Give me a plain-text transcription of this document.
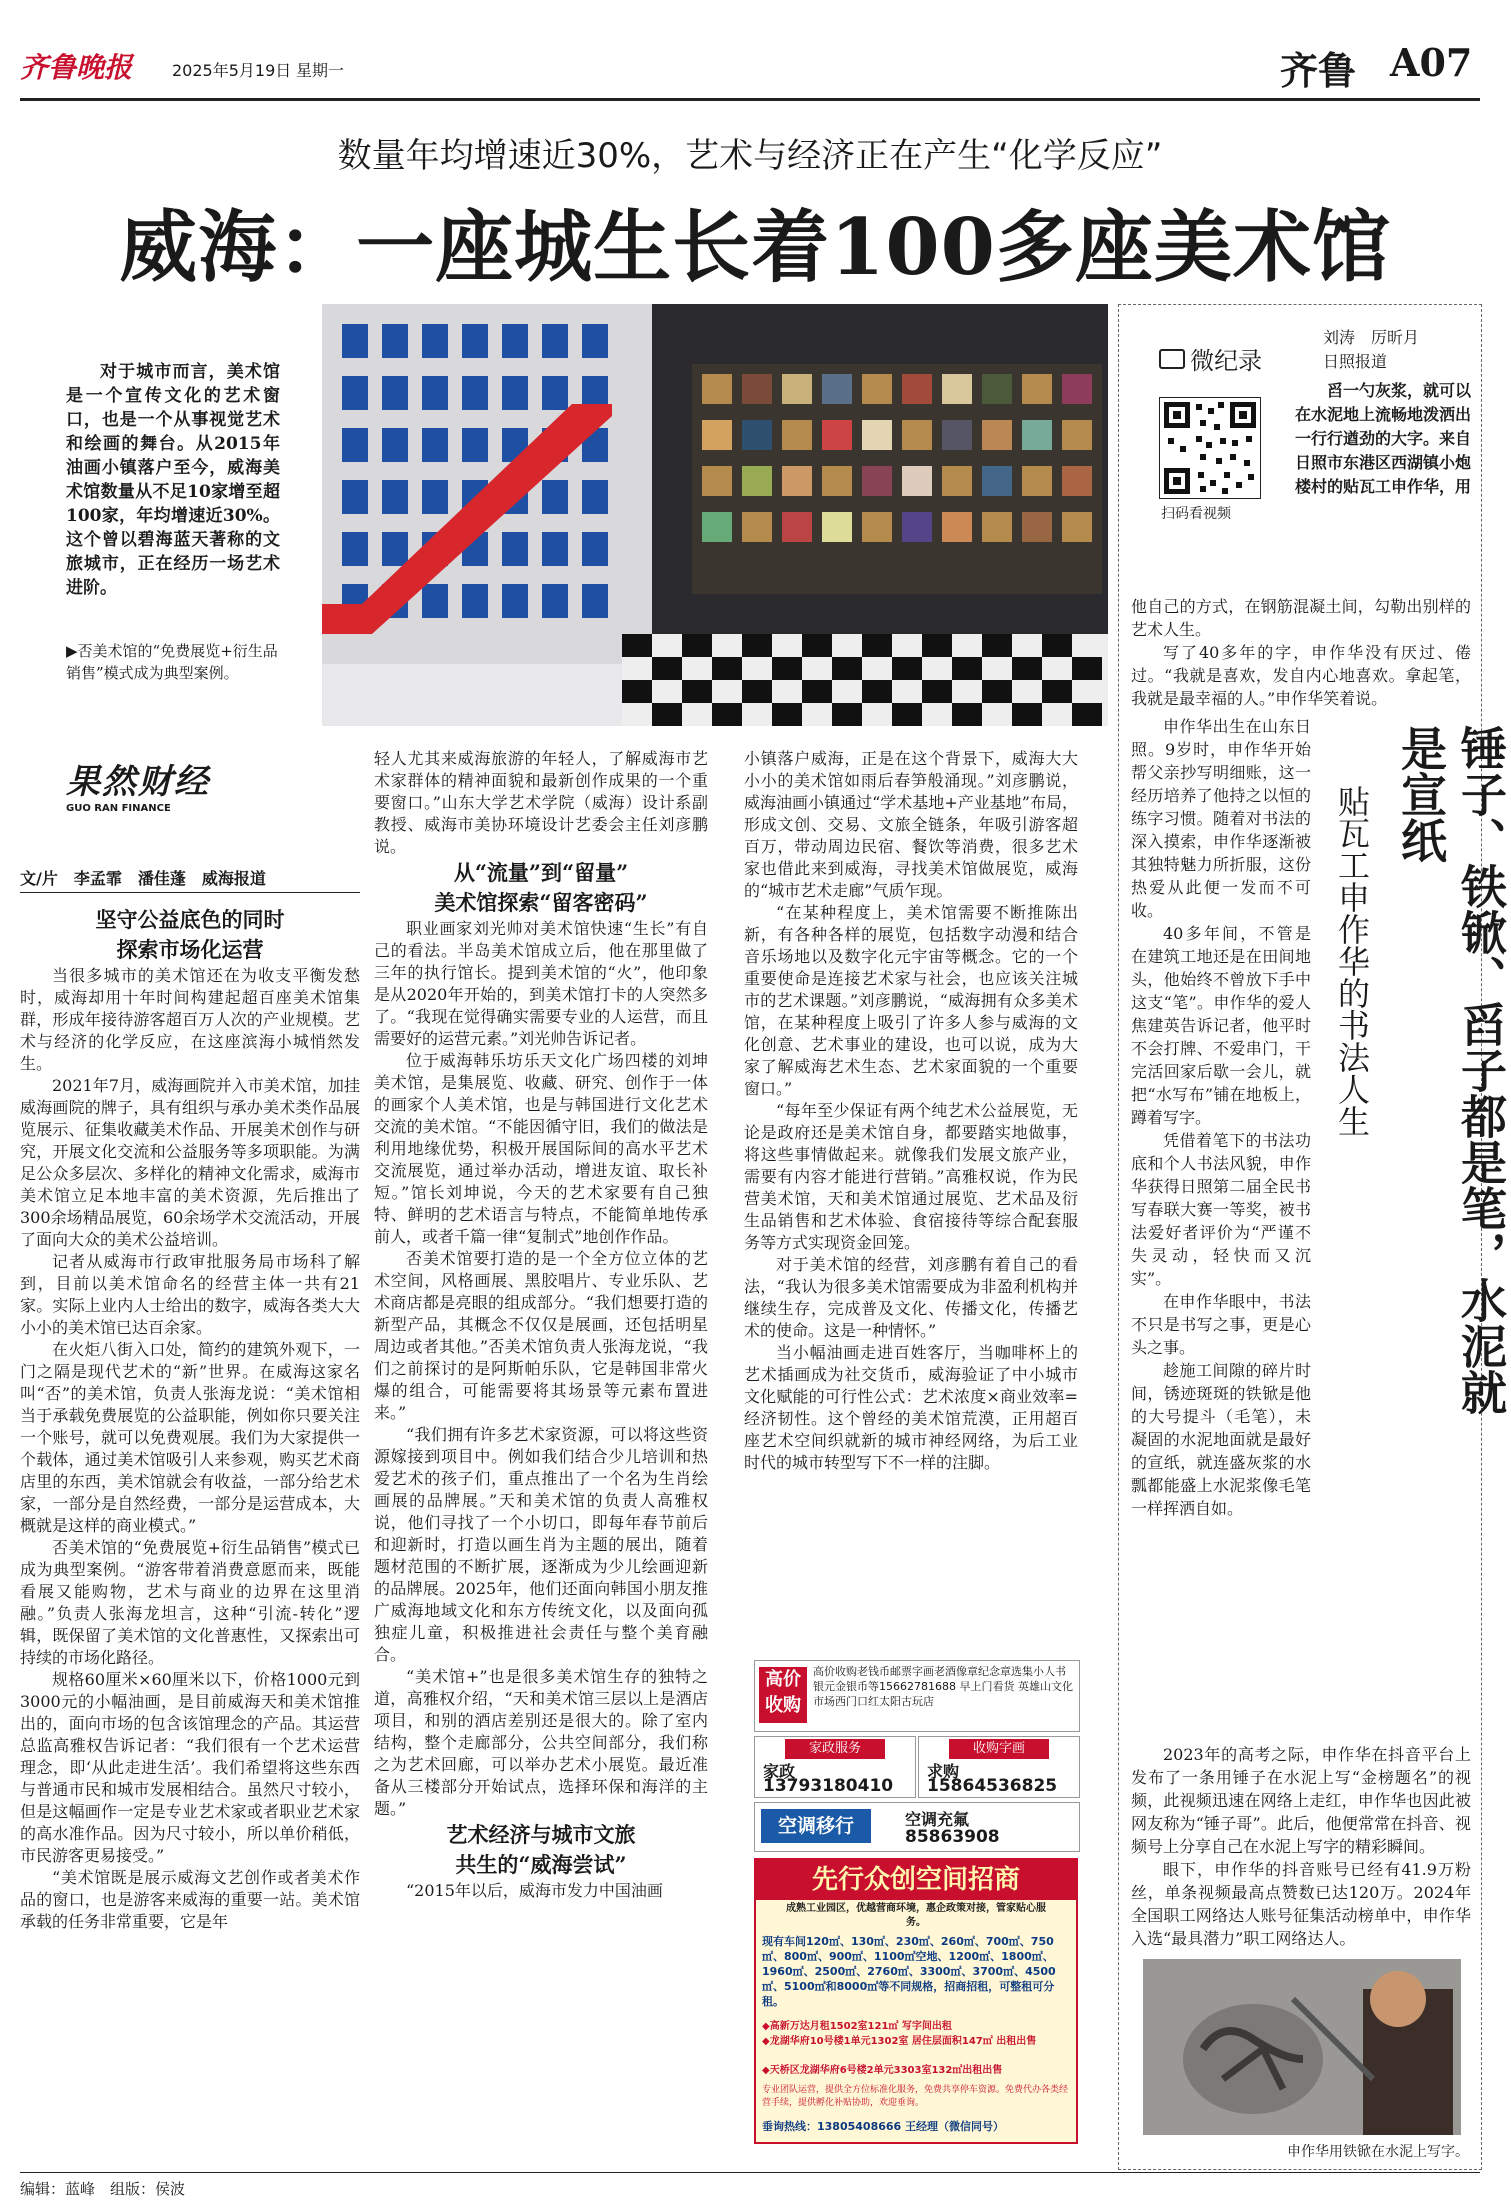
齐鲁晚报 2025年5月19日 星期一	齐鲁 A07
数量年均增速近30%，艺术与经济正在产生“化学反应”
威海：一座城生长着100多座美术馆
对于城市而言，美术馆是一个宣传文化的艺术窗口，也是一个从事视觉艺术和绘画的舞台。从2015年油画小镇落户至今，威海美术馆数量从不足10家增至超100家，年均增速近30%。这个曾以碧海蓝天著称的文旅城市，正在经历一场艺术进阶。
▶否美术馆的“免费展览+衍生品销售”模式成为典型案例。
果然财经
GUO RAN FINANCE
文/片　李孟霏　潘佳蓬　威海报道

坚守公益底色的同时
探索市场化运营

当很多城市的美术馆还在为收支平衡发愁时，威海却用十年时间构建起超百座美术馆集群，形成年接待游客超百万人次的产业规模。艺术与经济的化学反应，在这座滨海小城悄然发生。

2021年7月，威海画院并入市美术馆，加挂威海画院的牌子，具有组织与承办美术类作品展览展示、征集收藏美术作品、开展美术创作与研究，开展文化交流和公益服务等多项职能。为满足公众多层次、多样化的精神文化需求，威海市美术馆立足本地丰富的美术资源，先后推出了300余场精品展览，60余场学术交流活动，开展了面向大众的美术公益培训。

记者从威海市行政审批服务局市场科了解到，目前以美术馆命名的经营主体一共有21家。实际上业内人士给出的数字，威海各类大大小小的美术馆已达百余家。

在火炬八街入口处，简约的建筑外观下，一门之隔是现代艺术的“新”世界。在威海这家名叫“否”的美术馆，负责人张海龙说：“美术馆相当于承载免费展览的公益职能，例如你只要关注一个账号，就可以免费观展。我们为大家提供一个载体，通过美术馆吸引人来参观，购买艺术商店里的东西，美术馆就会有收益，一部分给艺术家，一部分是自然经费，一部分是运营成本，大概就是这样的商业模式。”

否美术馆的“免费展览+衍生品销售”模式已成为典型案例。“游客带着消费意愿而来，既能看展又能购物，艺术与商业的边界在这里消融。”负责人张海龙坦言，这种“引流-转化”逻辑，既保留了美术馆的文化普惠性，又探索出可持续的市场化路径。

规格60厘米×60厘米以下，价格1000元到3000元的小幅油画，是目前威海天和美术馆推出的，面向市场的包含该馆理念的产品。其运营总监高雅权告诉记者：“我们很有一个艺术运营理念，即‘从此走进生活’。我们希望将这些东西与普通市民和城市发展相结合。虽然尺寸较小，但是这幅画作一定是专业艺术家或者职业艺术家的高水准作品。因为尺寸较小，所以单价稍低，市民游客更易接受。”

“美术馆既是展示威海文艺创作或者美术作品的窗口，也是游客来威海的重要一站。美术馆承载的任务非常重要，它是年

轻人尤其来威海旅游的年轻人，了解威海市艺术家群体的精神面貌和最新创作成果的一个重要窗口。”山东大学艺术学院（威海）设计系副教授、威海市美协环境设计艺委会主任刘彦鹏说。

从“流量”到“留量”
美术馆探索“留客密码”

职业画家刘光帅对美术馆快速“生长”有自己的看法。半岛美术馆成立后，他在那里做了三年的执行馆长。提到美术馆的“火”，他印象是从2020年开始的，到美术馆打卡的人突然多了。“我现在觉得确实需要专业的人运营，而且需要好的运营元素。”刘光帅告诉记者。

位于威海韩乐坊乐天文化广场四楼的刘坤美术馆，是集展览、收藏、研究、创作于一体的画家个人美术馆，也是与韩国进行文化艺术交流的美术馆。“不能因循守旧，我们的做法是利用地缘优势，积极开展国际间的高水平艺术交流展览，通过举办活动，增进友谊、取长补短。”馆长刘坤说，今天的艺术家要有自己独特、鲜明的艺术语言与特点，不能简单地传承前人，或者千篇一律“复制式”地创作作品。

否美术馆要打造的是一个全方位立体的艺术空间，风格画展、黑胶唱片、专业乐队、艺术商店都是亮眼的组成部分。“我们想要打造的新型产品，其概念不仅仅是展画，还包括明星周边或者其他。”否美术馆负责人张海龙说，“我们之前探讨的是阿斯帕乐队，它是韩国非常火爆的组合，可能需要将其场景等元素布置进来。”

“我们拥有许多艺术家资源，可以将这些资源嫁接到项目中。例如我们结合少儿培训和热爱艺术的孩子们，重点推出了一个名为生肖绘画展的品牌展。”天和美术馆的负责人高雅权说，他们寻找了一个小切口，即每年春节前后和迎新时，打造以画生肖为主题的展出，随着题材范围的不断扩展，逐渐成为少儿绘画迎新的品牌展。2025年，他们还面向韩国小朋友推广威海地域文化和东方传统文化，以及面向孤独症儿童，积极推进社会责任与整个美育融合。

“美术馆+”也是很多美术馆生存的独特之道，高雅权介绍，“天和美术馆三层以上是酒店项目，和别的酒店差别还是很大的。除了室内结构，整个走廊部分，公共空间部分，我们称之为艺术回廊，可以举办艺术小展览。最近准备从三楼部分开始试点，选择环保和海洋的主题。”

艺术经济与城市文旅
共生的“威海尝试”

“2015年以后，威海市发力中国油画

小镇落户威海，正是在这个背景下，威海大大小小的美术馆如雨后春笋般涌现。”刘彦鹏说，威海油画小镇通过“学术基地+产业基地”布局，形成文创、交易、文旅全链条，年吸引游客超百万，带动周边民宿、餐饮等消费，很多艺术家也借此来到威海，寻找美术馆做展览，威海的“城市艺术走廊”气质乍现。

“在某种程度上，美术馆需要不断推陈出新，有各种各样的展览，包括数字动漫和结合音乐场地以及数字化元宇宙等概念。它的一个重要使命是连接艺术家与社会，也应该关注城市的艺术课题。”刘彦鹏说，“威海拥有众多美术馆，在某种程度上吸引了许多人参与威海的文化创意、艺术事业的建设，也可以说，成为大家了解威海艺术生态、艺术家面貌的一个重要窗口。”

“每年至少保证有两个纯艺术公益展览，无论是政府还是美术馆自身，都要踏实地做事，将这些事情做起来。就像我们发展文旅产业，需要有内容才能进行营销。”高雅权说，作为民营美术馆，天和美术馆通过展览、艺术品及衍生品销售和艺术体验、食宿接待等综合配套服务等方式实现资金回笼。

对于美术馆的经营，刘彦鹏有着自己的看法，“我认为很多美术馆需要成为非盈利机构并继续生存，完成普及文化、传播文化，传播艺术的使命。这是一种情怀。”

当小幅油画走进百姓客厅，当咖啡杯上的艺术插画成为社交货币，威海验证了中小城市文化赋能的可行性公式：艺术浓度×商业效率=经济韧性。这个曾经的美术馆荒漠，正用超百座艺术空间织就新的城市神经网络，为后工业时代的城市转型写下不一样的注脚。

高价收购
高价收购老钱币邮票字画老酒像章纪念章选集小人书银元金银币等15662781688 早上门看货 英雄山文化市场西门口红太阳古玩店
家政服务
家政
13793180410
收购字画
求购
15864536825
空调移行	空调充氟
85863908
先行众创空间招商
成熟工业园区，优越营商环境，惠企政策对接，管家贴心服务。
现有车间120㎡、130㎡、230㎡、260㎡、700㎡、750㎡、800㎡、900㎡、1100㎡空地、1200㎡、1800㎡、1960㎡、2500㎡、2760㎡、3300㎡、3700㎡、4500㎡、5100㎡和8000㎡等不同规格，招商招租，可整租可分租。
◆高新万达月租1502室121㎡ 写字间出租
◆龙湖华府10号楼1单元1302室 居住层面积147㎡ 出租出售
◆天桥区龙湖华府6号楼2单元3303室132㎡出租出售
专业团队运营，提供全方位标准化服务，免费共享停车资源。免费代办各类经营手续，提供孵化补贴协助，欢迎垂询。
垂询热线：13805408666 王经理（微信同号）
微纪录
刘涛　厉昕月
日照报道
扫码看视频
舀一勺灰浆，就可以在水泥地上流畅地泼洒出一行行遒劲的大字。来自日照市东港区西湖镇小炮楼村的贴瓦工申作华，用
他自己的方式，在钢筋混凝土间，勾勒出别样的艺术人生。
写了40多年的字，申作华没有厌过、倦过。“我就是喜欢，发自内心地喜欢。拿起笔，我就是最幸福的人。”申作华笑着说。
申作华出生在山东日照。9岁时，申作华开始帮父亲抄写明细账，这一经历培养了他持之以恒的练字习惯。随着对书法的深入摸索，申作华逐渐被其独特魅力所折服，这份热爱从此便一发而不可收。
40多年间，不管是在建筑工地还是在田间地头，他始终不曾放下手中这支“笔”。申作华的爱人焦建英告诉记者，他平时不会打牌、不爱串门，干完活回家后歇一会儿，就把“水写布”铺在地板上，蹲着写字。
凭借着笔下的书法功底和个人书法风貌，申作华获得日照第二届全民书写春联大赛一等奖，被书法爱好者评价为“严谨不失灵动，轻快而又沉实”。
在申作华眼中，书法不只是书写之事，更是心头之事。
趁施工间隙的碎片时间，锈迹斑斑的铁锨是他的大号提斗（毛笔），未凝固的水泥地面就是最好的宣纸，就连盛灰浆的水瓢都能盛上水泥浆像毛笔一样挥洒自如。
锤子、铁锨、舀子都是笔，水泥就是宣纸
贴瓦工申作华的书法人生
2023年的高考之际，申作华在抖音平台上发布了一条用锤子在水泥上写“金榜题名”的视频，此视频迅速在网络上走红，申作华也因此被网友称为“锤子哥”。此后，他便常常在抖音、视频号上分享自己在水泥上写字的精彩瞬间。
眼下，申作华的抖音账号已经有41.9万粉丝，单条视频最高点赞数已达120万。2024年全国职工网络达人账号征集活动榜单中，申作华入选“最具潜力”职工网络达人。
申作华用铁锨在水泥上写字。
编辑：蓝峰　组版：侯波
